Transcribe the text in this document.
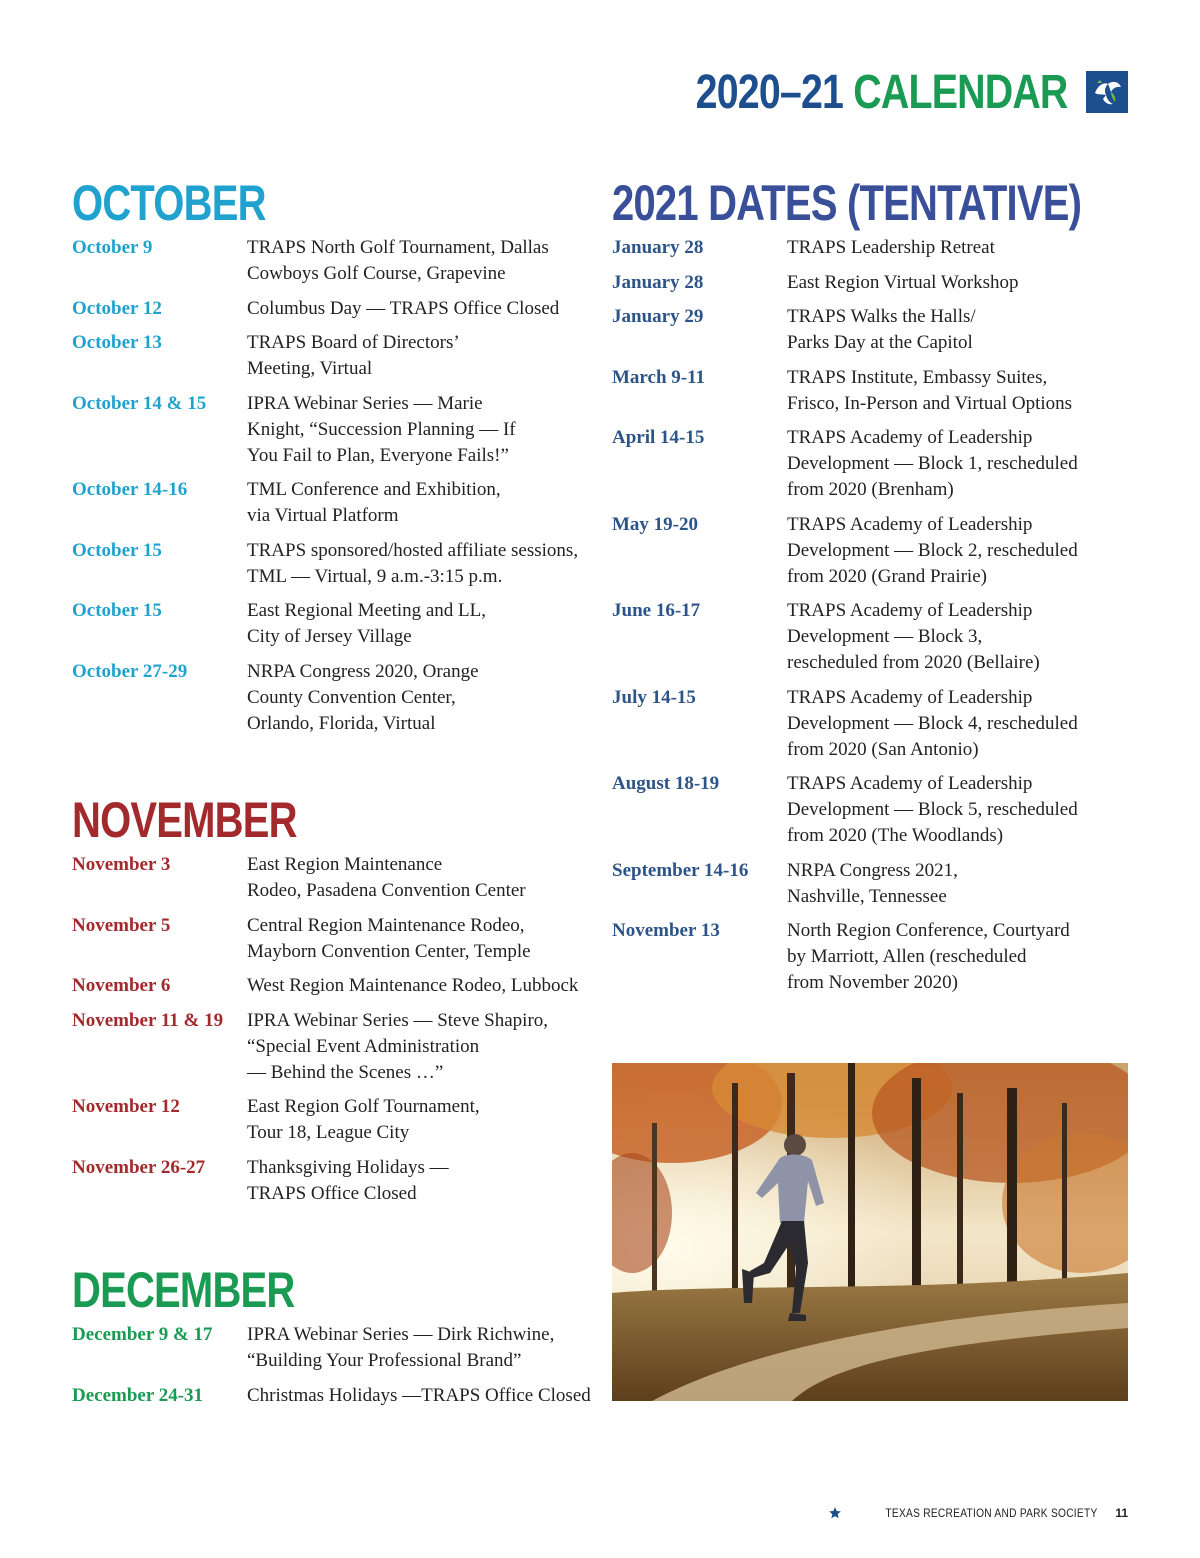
2020–21 CALENDAR
OCTOBER
October 9	TRAPS North Golf Tournament, Dallas
Cowboys Golf Course, Grapevine
October 12	Columbus Day — TRAPS Office Closed
October 13	TRAPS Board of Directors’
Meeting, Virtual
October 14 & 15	IPRA Webinar Series — Marie
Knight, “Succession Planning — If
You Fail to Plan, Everyone Fails!”
October 14-16	TML Conference and Exhibition,
via Virtual Platform
October 15	TRAPS sponsored/hosted affiliate sessions,
TML — Virtual, 9 a.m.-3:15 p.m.
October 15	East Regional Meeting and LL,
City of Jersey Village
October 27-29	NRPA Congress 2020, Orange
County Convention Center,
Orlando, Florida, Virtual
NOVEMBER
November 3	East Region Maintenance
Rodeo, Pasadena Convention Center
November 5	Central Region Maintenance Rodeo,
Mayborn Convention Center, Temple
November 6	West Region Maintenance Rodeo, Lubbock
November 11 & 19	IPRA Webinar Series — Steve Shapiro,
“Special Event Administration
— Behind the Scenes …”
November 12	East Region Golf Tournament,
Tour 18, League City
November 26-27	Thanksgiving Holidays —
TRAPS Office Closed
DECEMBER
December 9 & 17	IPRA Webinar Series — Dirk Richwine,
“Building Your Professional Brand”
December 24-31	Christmas Holidays —TRAPS Office Closed
2021 DATES (TENTATIVE)
January 28	TRAPS Leadership Retreat
January 28	East Region Virtual Workshop
January 29	TRAPS Walks the Halls/
Parks Day at the Capitol
March 9-11	TRAPS Institute, Embassy Suites,
Frisco, In-Person and Virtual Options
April 14-15	TRAPS Academy of Leadership
Development — Block 1, rescheduled
from 2020 (Brenham)
May 19-20	TRAPS Academy of Leadership
Development — Block 2, rescheduled
from 2020 (Grand Prairie)
June 16-17	TRAPS Academy of Leadership
Development — Block 3,
rescheduled from 2020 (Bellaire)
July 14-15	TRAPS Academy of Leadership
Development — Block 4, rescheduled
from 2020 (San Antonio)
August 18-19	TRAPS Academy of Leadership
Development — Block 5, rescheduled
from 2020 (The Woodlands)
September 14-16	NRPA Congress 2021,
Nashville, Tennessee
November 13	North Region Conference, Courtyard
by Marriott, Allen (rescheduled
from November 2020)
TEXAS RECREATION AND PARK SOCIETY 11
